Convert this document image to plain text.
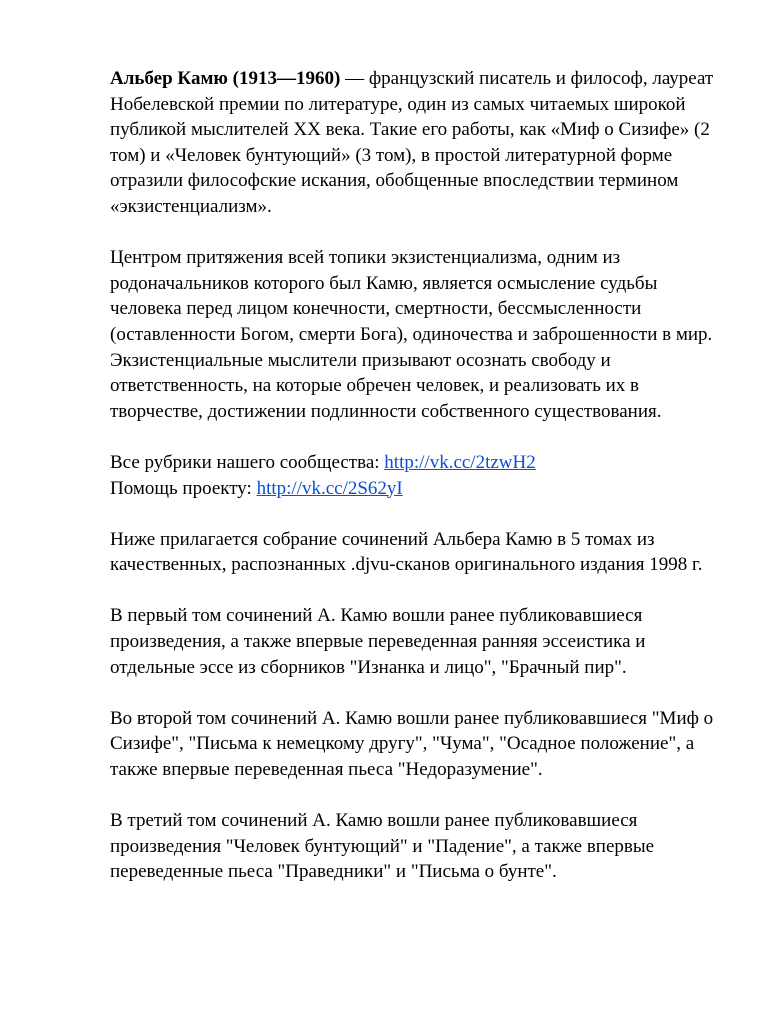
Альбер Камю (1913—1960) — французский писатель и философ, лауреат Нобелевской премии по литературе, один из самых читаемых широкой публикой мыслителей XX века. Такие его работы, как «Миф о Сизифе» (2 том) и «Человек бунтующий» (3 том), в простой литературной форме отразили философские искания, обобщенные впоследствии термином «экзистенциализм».

Центром притяжения всей топики экзистенциализма, одним из родоначальников которого был Камю, является осмысление судьбы человека перед лицом конечности, смертности, бессмысленности (оставленности Богом, смерти Бога), одиночества и заброшенности в мир. Экзистенциальные мыслители призывают осознать свободу и ответственность, на которые обречен человек, и реализовать их в творчестве, достижении подлинности собственного существования.

Все рубрики нашего сообщества: http://vk.cc/2tzwH2
Помощь проекту: http://vk.cc/2S62yI

Ниже прилагается собрание сочинений Альбера Камю в 5 томах из качественных, распознанных .djvu-сканов оригинального издания 1998 г.

В первый том сочинений А. Камю вошли ранее публиковавшиеся произведения, а также впервые переведенная ранняя эссеистика и отдельные эссе из сборников "Изнанка и лицо", "Брачный пир".

Во второй том сочинений А. Камю вошли ранее публиковавшиеся "Миф о Сизифе", "Письма к немецкому другу", "Чума", "Осадное положение", а также впервые переведенная пьеса "Недоразумение".

В третий том сочинений А. Камю вошли ранее публиковавшиеся произведения "Человек бунтующий" и "Падение", а также впервые переведенные пьеса "Праведники" и "Письма о бунте".
